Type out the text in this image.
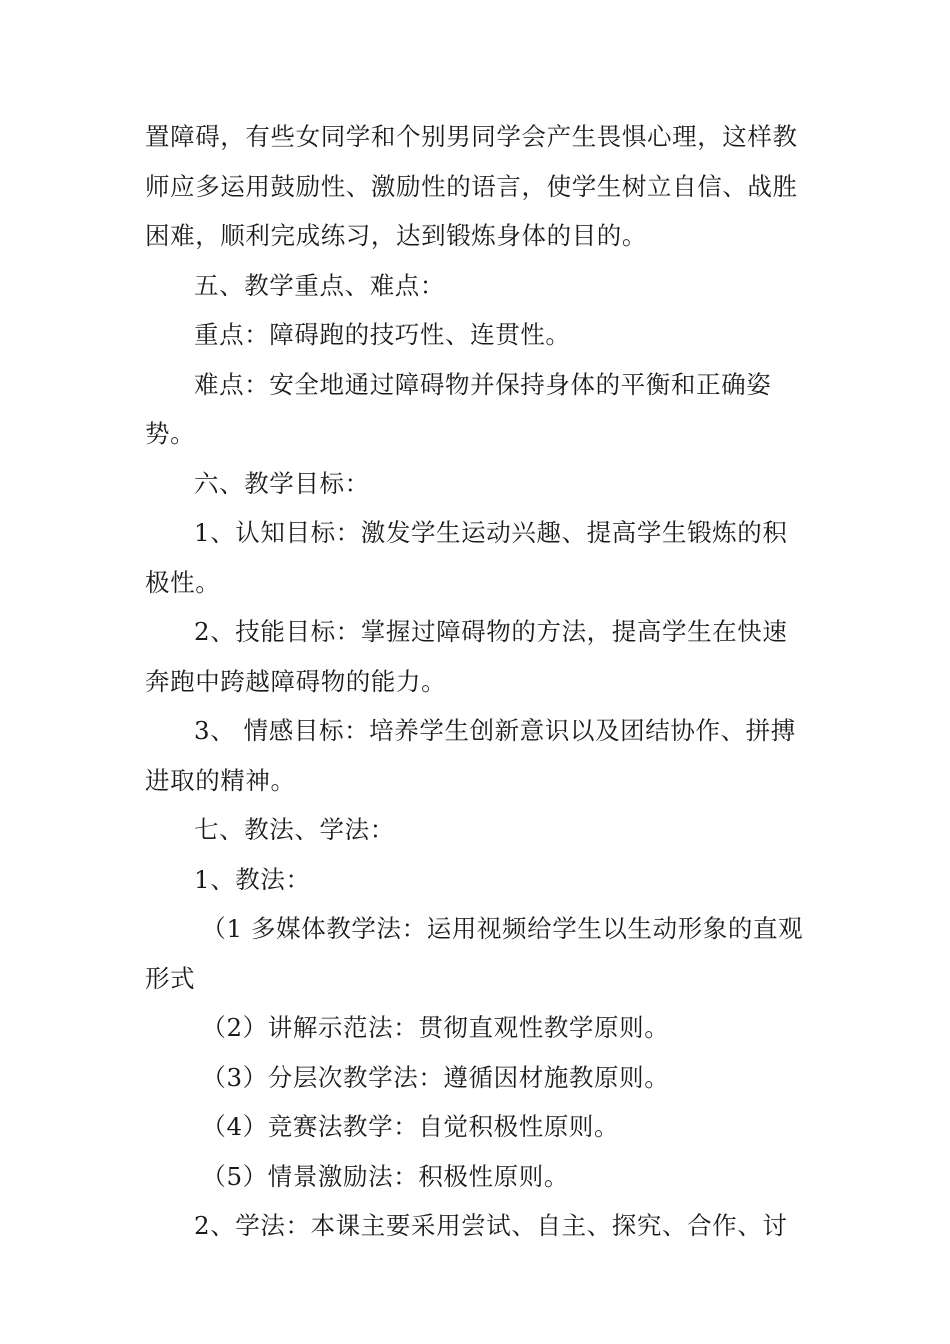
置障碍，有些女同学和个别男同学会产生畏惧心理，这样教师应多运用鼓励性、激励性的语言，使学生树立自信、战胜困难，顺利完成练习，达到锻炼身体的目的。

五、教学重点、难点：

重点：障碍跑的技巧性、连贯性。

难点：安全地通过障碍物并保持身体的平衡和正确姿势。

六、教学目标：

1、认知目标：激发学生运动兴趣、提高学生锻炼的积极性。

2、技能目标：掌握过障碍物的方法，提高学生在快速奔跑中跨越障碍物的能力。

3、 情感目标：培养学生创新意识以及团结协作、拼搏进取的精神。

七、教法、学法：

1、教法：

（1 多媒体教学法：运用视频给学生以生动形象的直观形式

（2）讲解示范法：贯彻直观性教学原则。

（3）分层次教学法：遵循因材施教原则。

（4）竞赛法教学：自觉积极性原则。

（5）情景激励法：积极性原则。

2、学法：本课主要采用尝试、自主、探究、合作、讨
